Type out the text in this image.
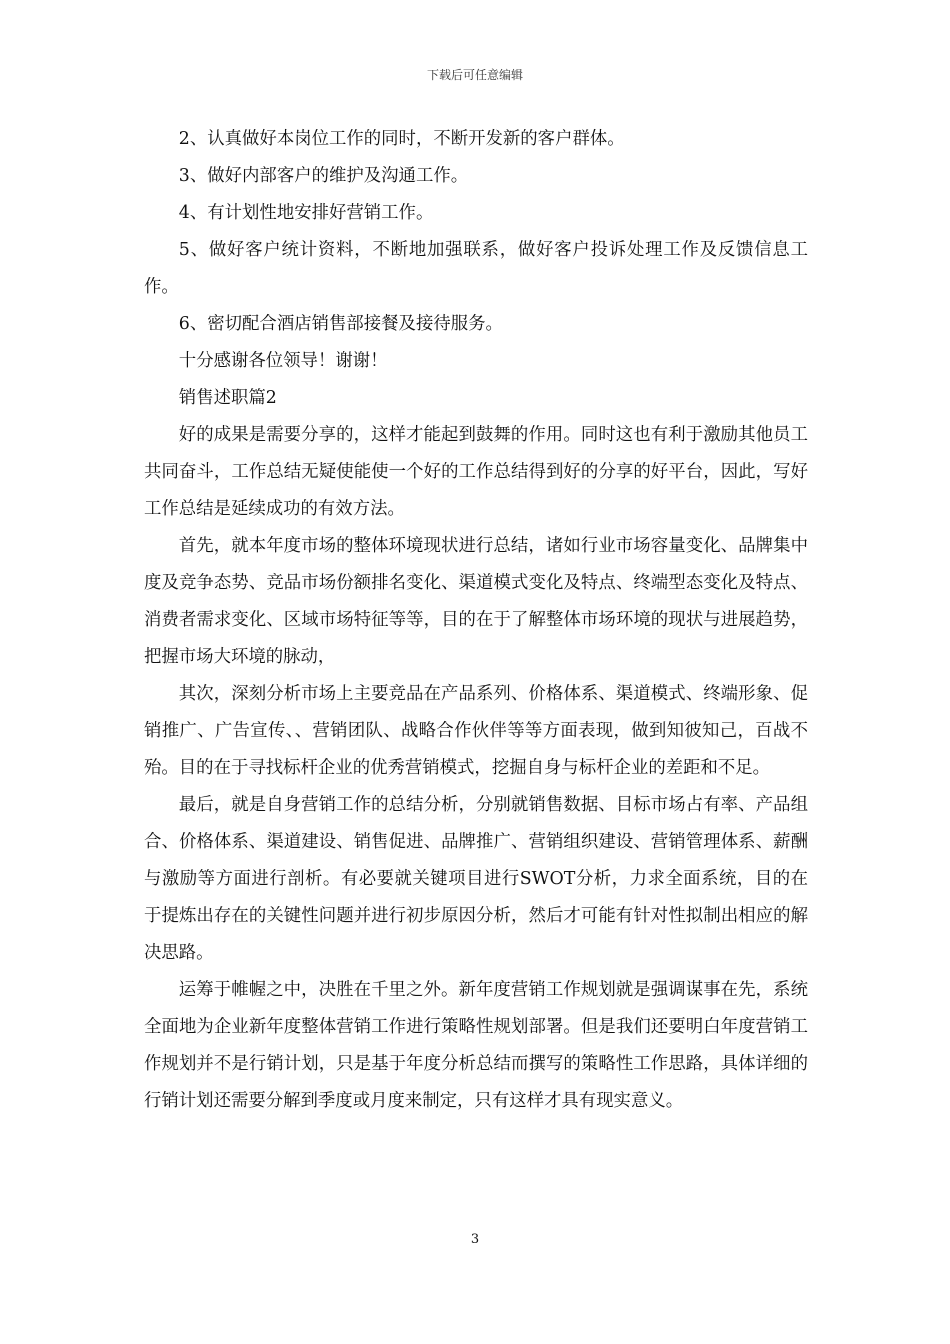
下载后可任意编辑

2、认真做好本岗位工作的同时，不断开发新的客户群体。

3、做好内部客户的维护及沟通工作。

4、有计划性地安排好营销工作。

5、做好客户统计资料，不断地加强联系，做好客户投诉处理工作及反馈信息工作。

6、密切配合酒店销售部接餐及接待服务。

十分感谢各位领导！谢谢！

销售述职篇2

好的成果是需要分享的，这样才能起到鼓舞的作用。同时这也有利于激励其他员工共同奋斗，工作总结无疑使能使一个好的工作总结得到好的分享的好平台，因此，写好工作总结是延续成功的有效方法。

首先，就本年度市场的整体环境现状进行总结，诸如行业市场容量变化、品牌集中度及竞争态势、竞品市场份额排名变化、渠道模式变化及特点、终端型态变化及特点、消费者需求变化、区域市场特征等等，目的在于了解整体市场环境的现状与进展趋势，把握市场大环境的脉动，

其次，深刻分析市场上主要竞品在产品系列、价格体系、渠道模式、终端形象、促销推广、广告宣传、、营销团队、战略合作伙伴等等方面表现，做到知彼知己，百战不殆。目的在于寻找标杆企业的优秀营销模式，挖掘自身与标杆企业的差距和不足。

最后，就是自身营销工作的总结分析，分别就销售数据、目标市场占有率、产品组合、价格体系、渠道建设、销售促进、品牌推广、营销组织建设、营销管理体系、薪酬与激励等方面进行剖析。有必要就关键项目进行SWOT分析，力求全面系统，目的在于提炼出存在的关键性问题并进行初步原因分析，然后才可能有针对性拟制出相应的解决思路。

运筹于帷幄之中，决胜在千里之外。新年度营销工作规划就是强调谋事在先，系统全面地为企业新年度整体营销工作进行策略性规划部署。但是我们还要明白年度营销工作规划并不是行销计划，只是基于年度分析总结而撰写的策略性工作思路，具体详细的行销计划还需要分解到季度或月度来制定，只有这样才具有现实意义。

3
